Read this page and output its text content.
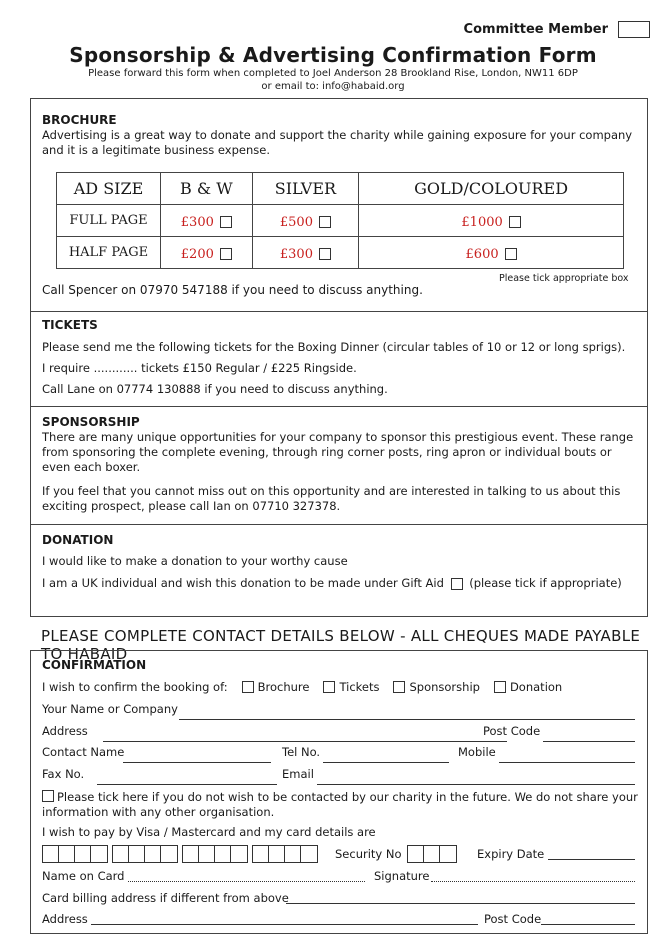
Committee Member
Sponsorship & Advertising Confirmation Form
Please forward this form when completed to Joel Anderson 28 Brookland Rise, London, NW11 6DP
or email to: info@habaid.org
BROCHURE
Advertising is a great way to donate and support the charity while gaining exposure for your company and it is a legitimate business expense.
AD SIZE	B & W	SILVER	GOLD/COLOURED
FULL PAGE	£300	£500	£1000
HALF PAGE	£200	£300	£600
Please tick appropriate box
Call Spencer on 07970 547188 if you need to discuss anything.
TICKETS
Please send me the following tickets for the Boxing Dinner (circular tables of 10 or 12 or long sprigs).
I require ............ tickets £150 Regular / £225 Ringside.
Call Lane on 07774 130888 if you need to discuss anything.
SPONSORSHIP
There are many unique opportunities for your company to sponsor this prestigious event. These range from sponsoring the complete evening, through ring corner posts, ring apron or individual bouts or even each boxer.
If you feel that you cannot miss out on this opportunity and are interested in talking to us about this exciting prospect, please call Ian on 07710 327378.
DONATION
I would like to make a donation to your worthy cause
I am a UK individual and wish this donation to be made under Gift Aid (please tick if appropriate)
PLEASE COMPLETE CONTACT DETAILS BELOW - ALL CHEQUES MADE PAYABLE TO HABAID
CONFIRMATION
I wish to confirm the booking of:	Brochure	Tickets	Sponsorship	Donation
Your Name or Company
Address	Post Code
Contact Name	Tel No.	Mobile
Fax No.	Email
Please tick here if you do not wish to be contacted by our charity in the future. We do not share your information with any other organisation.
I wish to pay by Visa / Mastercard and my card details are
Security No	Expiry Date
Name on Card	Signature
Card billing address if different from above
Address	Post Code
